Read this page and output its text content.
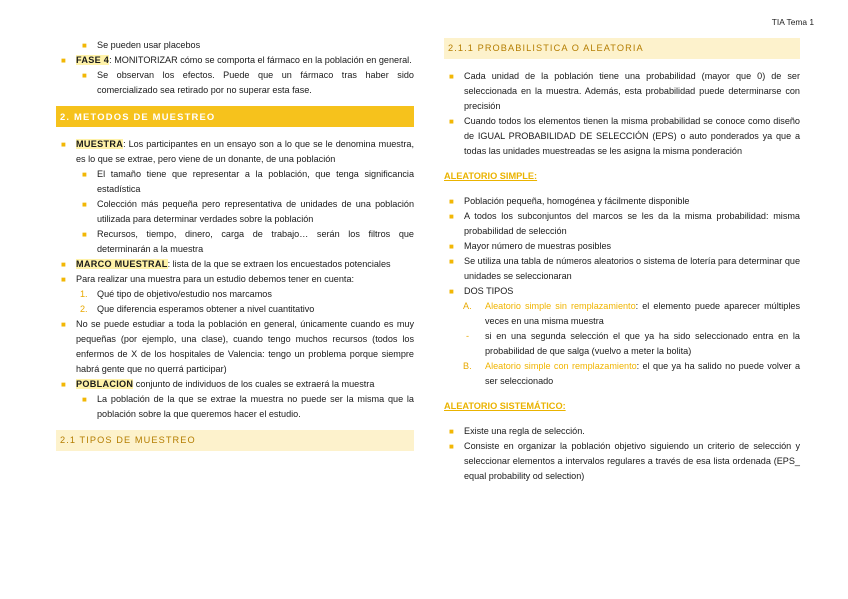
TIA Tema 1
■ Se pueden usar placebos
■ FASE 4: MONITORIZAR cómo se comporta el fármaco en la población en general.
■ Se observan los efectos. Puede que un fármaco tras haber sido comercializado sea retirado por no superar esta fase.
2. METODOS DE MUESTREO
■ MUESTRA: Los participantes en un ensayo son a lo que se le denomina muestra, es lo que se extrae, pero viene de un donante, de una población
■ El tamaño tiene que representar a la población, que tenga significancia estadística
■ Colección más pequeña pero representativa de unidades de una población utilizada para determinar verdades sobre la población
■ Recursos, tiempo, dinero, carga de trabajo… serán los filtros que determinarán a la muestra
■ MARCO MUESTRAL: lista de la que se extraen los encuestados potenciales
■ Para realizar una muestra para un estudio debemos tener en cuenta:
1. Qué tipo de objetivo/estudio nos marcamos
2. Que diferencia esperamos obtener a nivel cuantitativo
■ No se puede estudiar a toda la población en general, únicamente cuando es muy pequeñas (por ejemplo, una clase), cuando tengo muchos recursos (todos los enfermos de X de los hospitales de Valencia: tengo un problema porque siempre habrá gente que no querrá participar)
■ POBLACION conjunto de individuos de los cuales se extraerá la muestra
■ La población de la que se extrae la muestra no puede ser la misma que la población sobre la que queremos hacer el estudio.
2.1 TIPOS DE MUESTREO
2.1.1 PROBABILISTICA O ALEATORIA
■ Cada unidad de la población tiene una probabilidad (mayor que 0) de ser seleccionada en la muestra. Además, esta probabilidad puede determinarse con precisión
■ Cuando todos los elementos tienen la misma probabilidad se conoce como diseño de IGUAL PROBABILIDAD DE SELECCIÓN (EPS) o auto ponderados ya que a todas las unidades muestreadas se les asigna la misma ponderación
ALEATORIO SIMPLE:
■ Población pequeña, homogénea y fácilmente disponible
■ A todos los subconjuntos del marcos se les da la misma probabilidad: misma probabilidad de selección
■ Mayor número de muestras posibles
■ Se utiliza una tabla de números aleatorios o sistema de lotería para determinar que unidades se seleccionaran
■ DOS TIPOS
A. Aleatorio simple sin remplazamiento: el elemento puede aparecer múltiples veces en una misma muestra
- si en una segunda selección el que ya ha sido seleccionado entra en la probabilidad de que salga (vuelvo a meter la bolita)
B. Aleatorio simple con remplazamiento: el que ya ha salido no puede volver a ser seleccionado
ALEATORIO SISTEMÁTICO:
■ Existe una regla de selección.
■ Consiste en organizar la población objetivo siguiendo un criterio de selección y seleccionar elementos a intervalos regulares a través de esa lista ordenada (EPS_ equal probability od selection)
